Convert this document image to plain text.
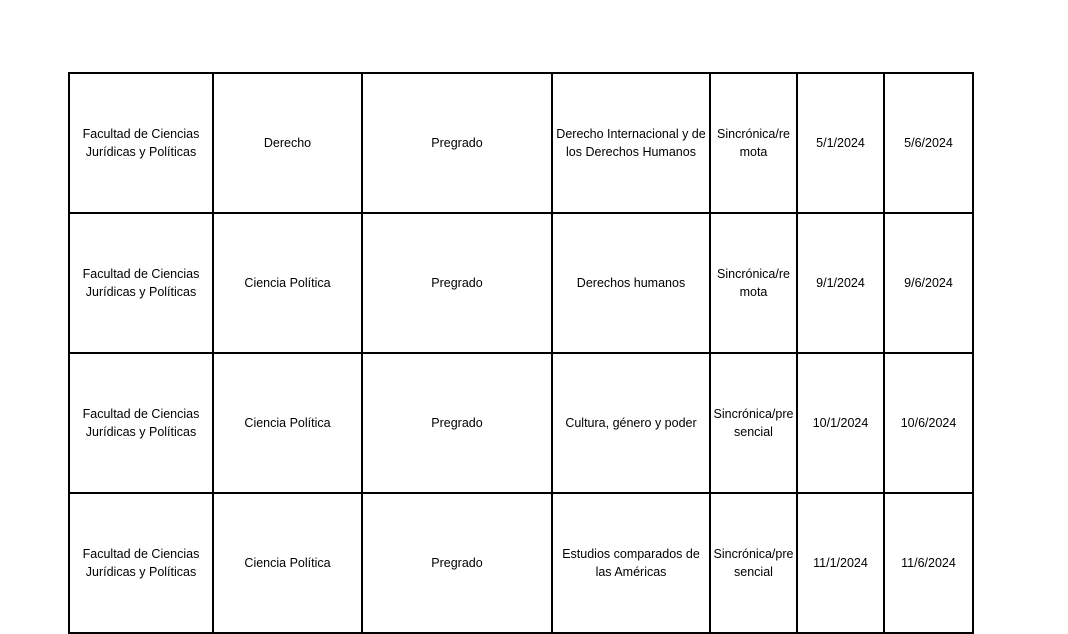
Facultad de Ciencias Jurídicas y Políticas	Derecho	Pregrado	Derecho Internacional y de los Derechos Humanos	Sincrónica/re mota	5/1/2024	5/6/2024
Facultad de Ciencias Jurídicas y Políticas	Ciencia Política	Pregrado	Derechos humanos	Sincrónica/re mota	9/1/2024	9/6/2024
Facultad de Ciencias Jurídicas y Políticas	Ciencia Política	Pregrado	Cultura, género y poder	Sincrónica/pre sencial	10/1/2024	10/6/2024
Facultad de Ciencias Jurídicas y Políticas	Ciencia Política	Pregrado	Estudios comparados de las Américas	Sincrónica/pre sencial	11/1/2024	11/6/2024
